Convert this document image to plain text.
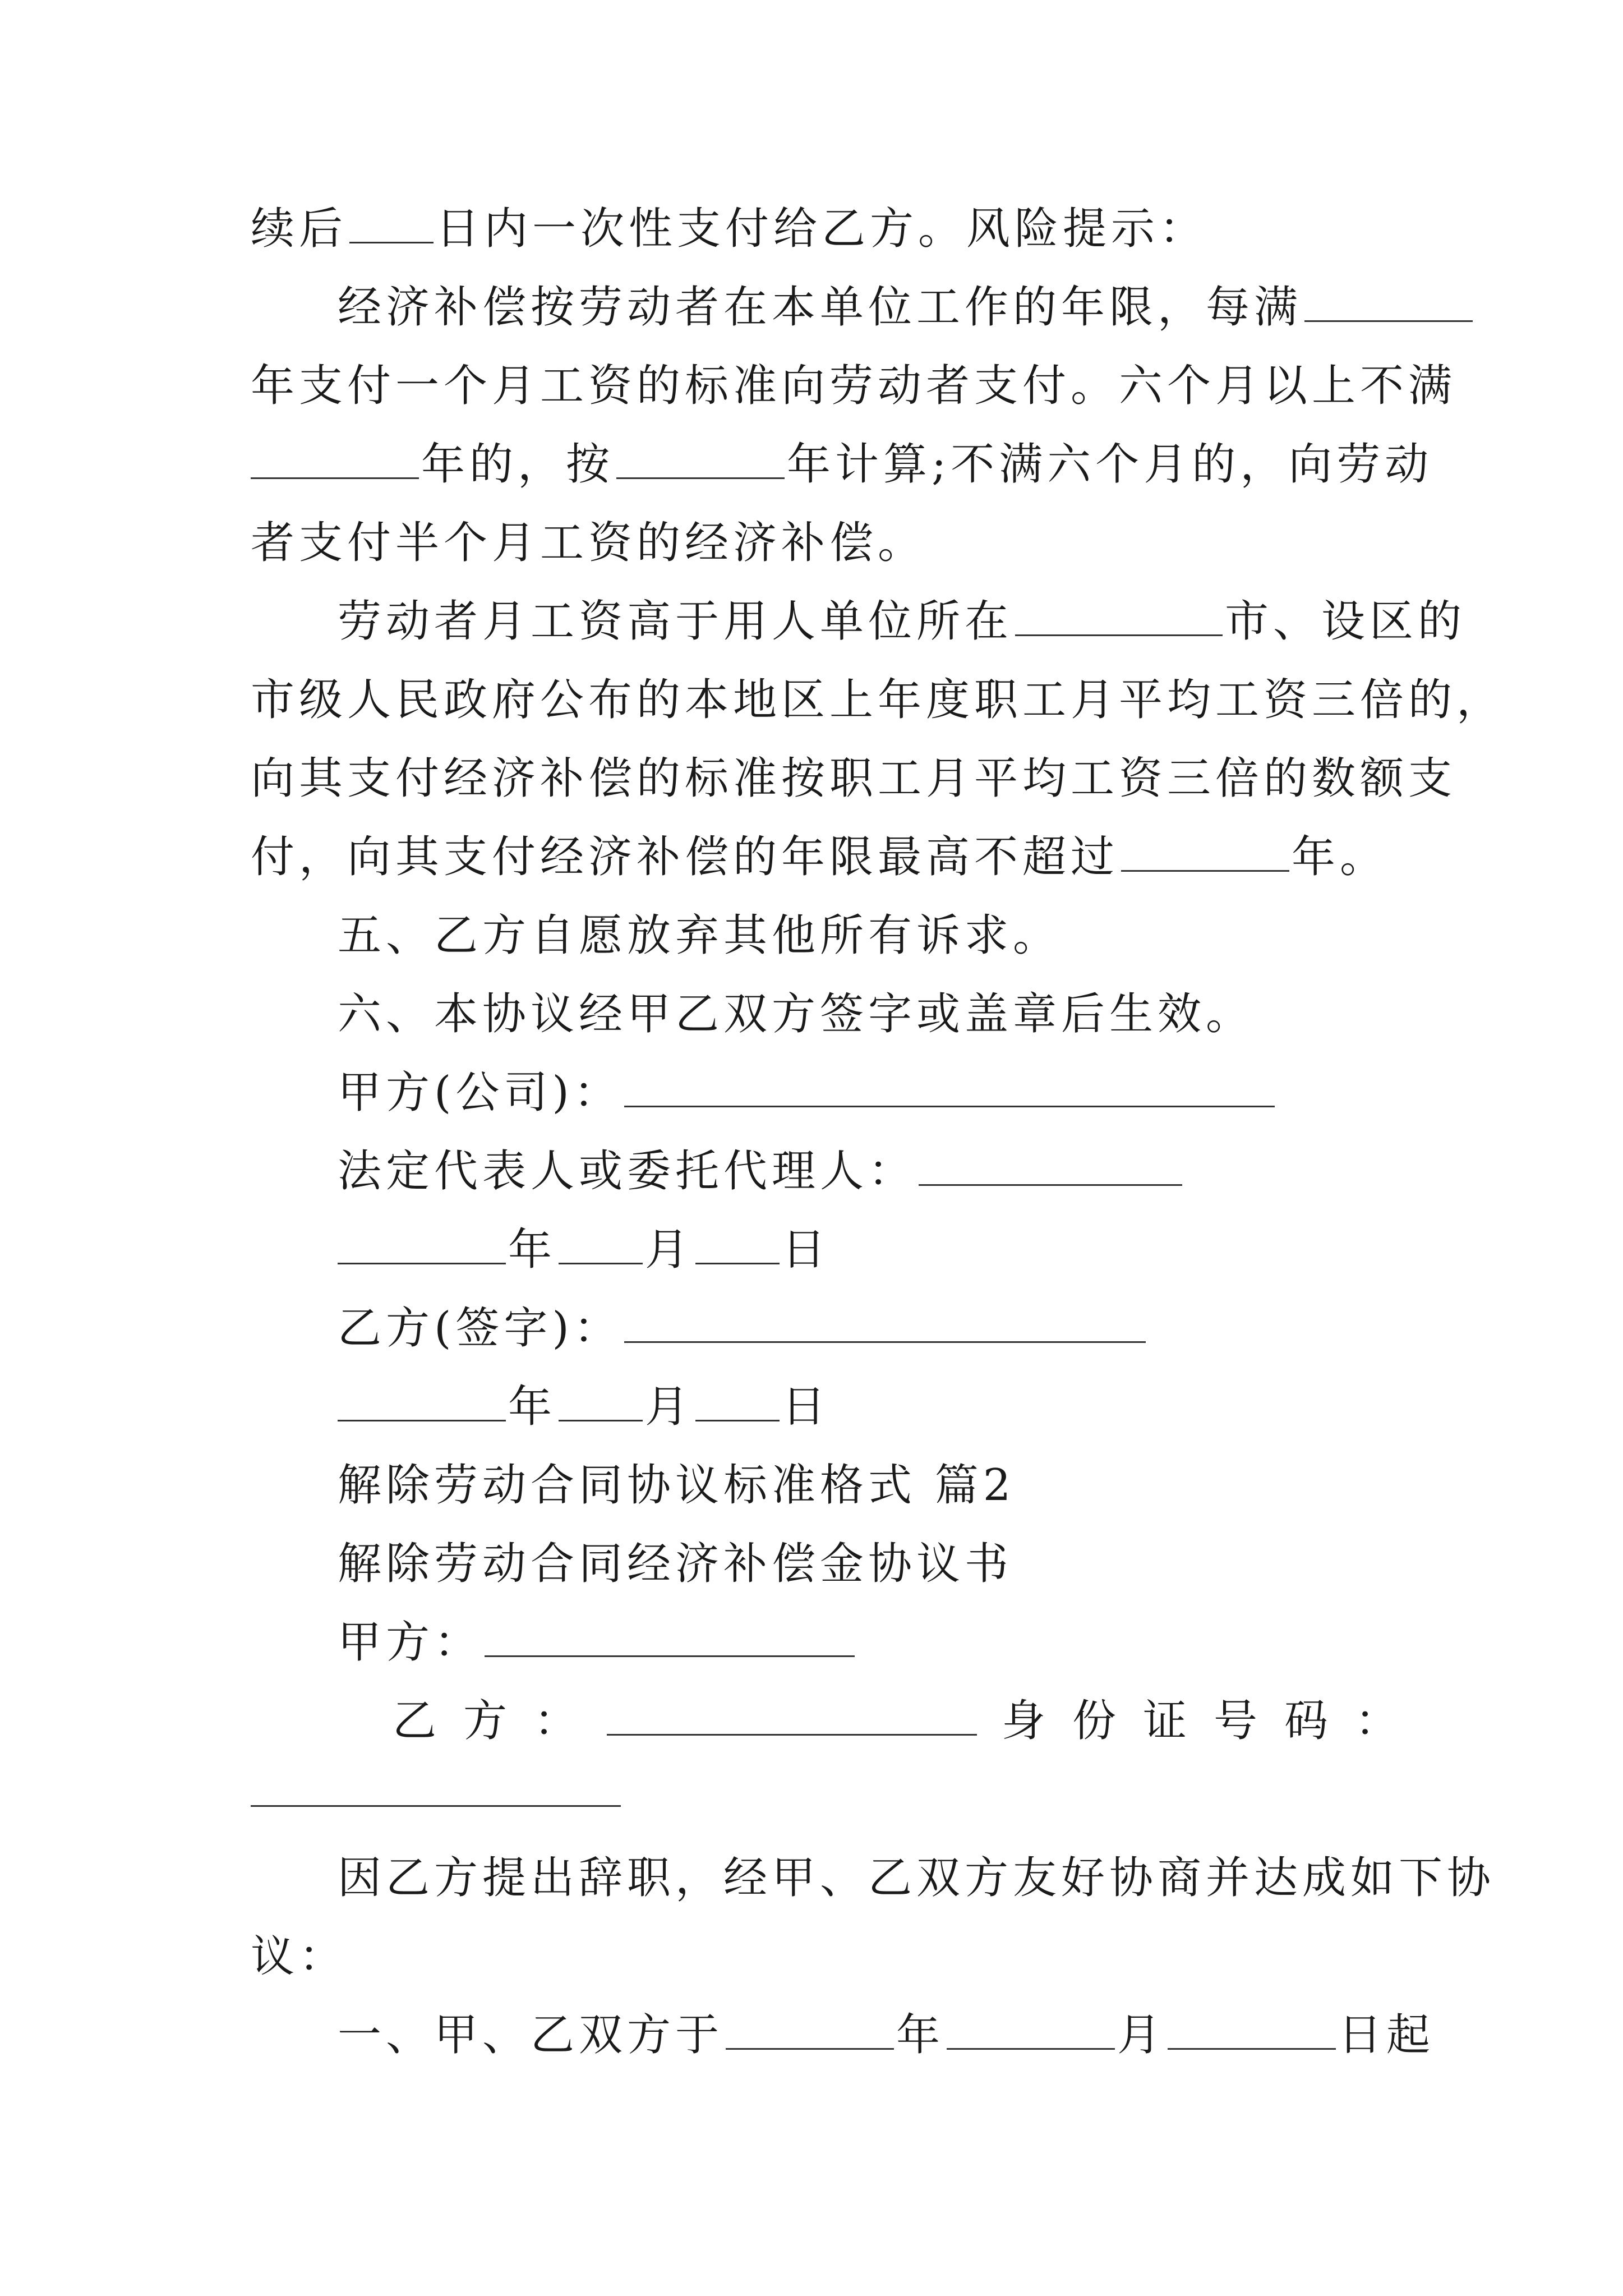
续后 日内一次性支付给乙方。风险提示：
经济补偿按劳动者在本单位工作的年限，每满
年支付一个月工资的标准向劳动者支付。六个月以上不满
年的，按	年计算;不满六个月的，向劳动
者支付半个月工资的经济补偿。
劳动者月工资高于用人单位所在	市、设区的
市级人民政府公布的本地区上年度职工月平均工资三倍的，
向其支付经济补偿的标准按职工月平均工资三倍的数额支
付，向其支付经济补偿的年限最高不超过	年。
五、乙方自愿放弃其他所有诉求。
六、本协议经甲乙双方签字或盖章后生效。
甲方(公司)：
法定代表人或委托代理人：
年 月 日
乙方(签字)：
年 月 日
解除劳动合同协议标准格式 篇2
解除劳动合同经济补偿金协议书
甲方：
乙方：	身份证号码：
因乙方提出辞职，经甲、乙双方友好协商并达成如下协
议：
一、甲、乙双方于	年	月	日起
